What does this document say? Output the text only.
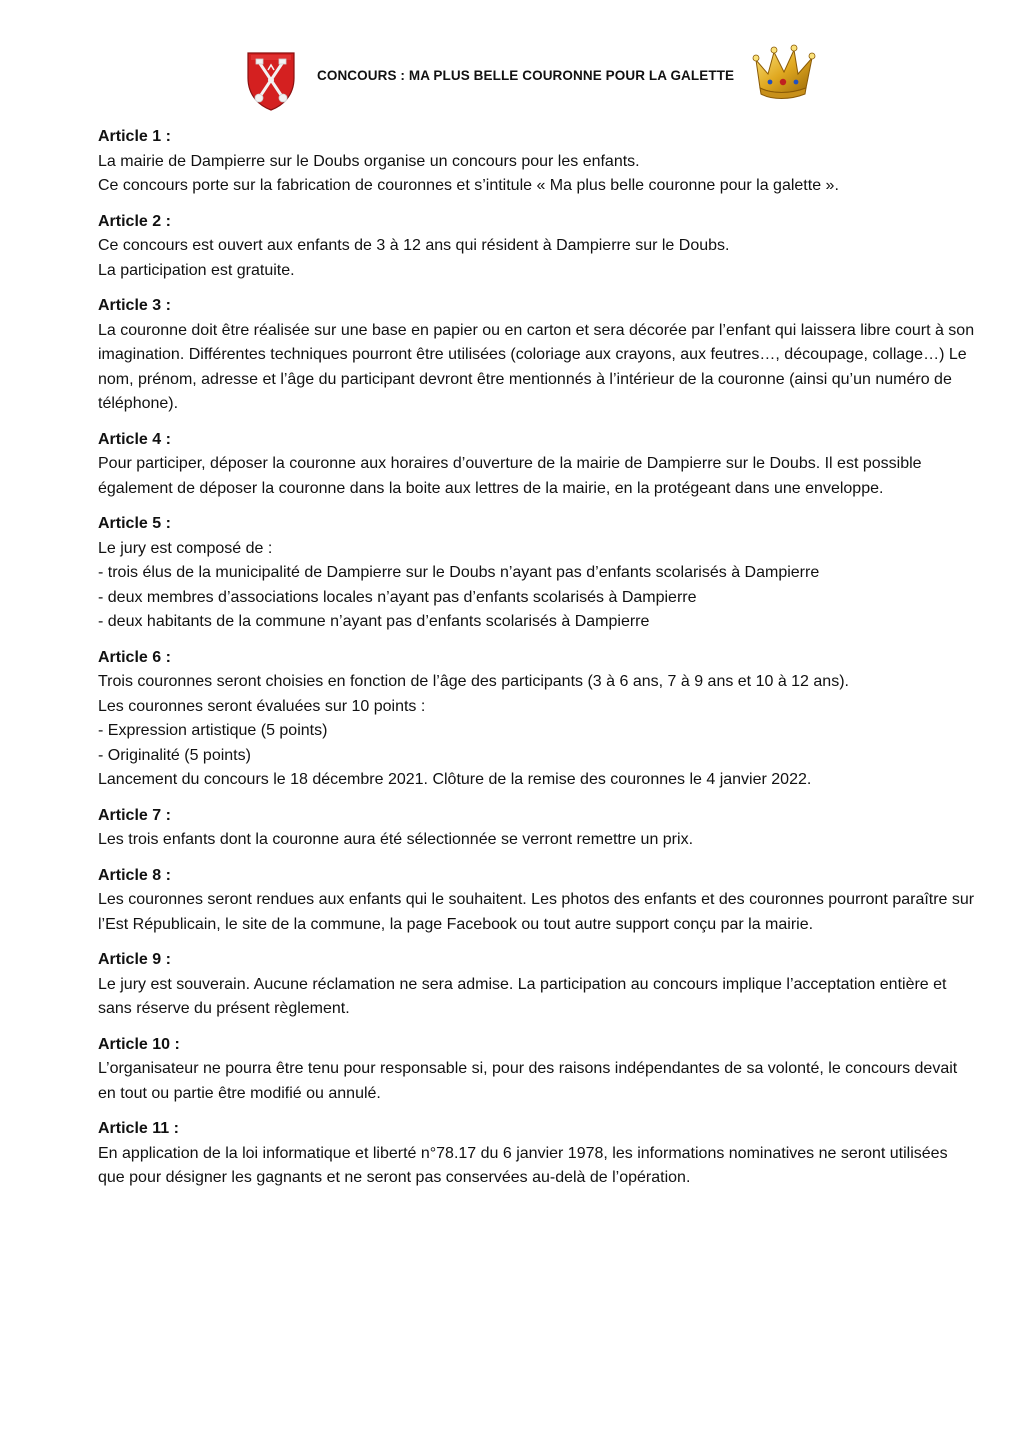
CONCOURS : MA PLUS BELLE COURONNE POUR LA GALETTE
Article 1 :
La mairie de Dampierre sur le Doubs organise un concours pour les enfants.
Ce concours porte sur la fabrication de couronnes et s’intitule « Ma plus belle couronne pour la galette ».
Article 2 :
Ce concours est ouvert aux enfants de 3 à 12 ans qui résident à Dampierre sur le Doubs.
La participation est gratuite.
Article 3 :
La couronne doit être réalisée sur une base en papier ou en carton et sera décorée par l’enfant qui laissera libre court à son imagination. Différentes techniques pourront être utilisées (coloriage aux crayons, aux feutres…, découpage, collage…) Le nom, prénom, adresse et l’âge du participant devront être mentionnés à l’intérieur de la couronne (ainsi qu’un numéro de téléphone).
Article 4 :
Pour participer, déposer la couronne aux horaires d’ouverture de la mairie de Dampierre sur le Doubs. Il est possible également de déposer la couronne dans la boite aux lettres de la mairie, en la protégeant dans une enveloppe.
Article 5 :
Le jury est composé de :
- trois élus de la municipalité de Dampierre sur le Doubs n’ayant pas d’enfants scolarisés à Dampierre
- deux membres d’associations locales n’ayant pas d’enfants scolarisés à Dampierre
- deux habitants de la commune n’ayant pas d’enfants scolarisés à Dampierre
Article 6 :
Trois couronnes seront choisies en fonction de l’âge des participants (3 à 6 ans, 7 à 9 ans et 10 à 12 ans).
Les couronnes seront évaluées sur 10 points :
- Expression artistique (5 points)
- Originalité (5 points)
Lancement du concours le 18 décembre 2021. Clôture de la remise des couronnes le 4 janvier 2022.
Article 7 :
Les trois enfants dont la couronne aura été sélectionnée se verront remettre un prix.
Article 8 :
Les couronnes seront rendues aux enfants qui le souhaitent. Les photos des enfants et des couronnes pourront paraître sur l’Est Républicain, le site de la commune, la page Facebook ou tout autre support conçu par la mairie.
Article 9 :
Le jury est souverain. Aucune réclamation ne sera admise. La participation au concours implique l’acceptation entière et sans réserve du présent règlement.
Article 10 :
L’organisateur ne pourra être tenu pour responsable si, pour des raisons indépendantes de sa volonté, le concours devait en tout ou partie être modifié ou annulé.
Article 11 :
En application de la loi informatique et liberté n°78.17 du 6 janvier 1978, les informations nominatives ne seront utilisées que pour désigner les gagnants et ne seront pas conservées au-delà de l’opération.
